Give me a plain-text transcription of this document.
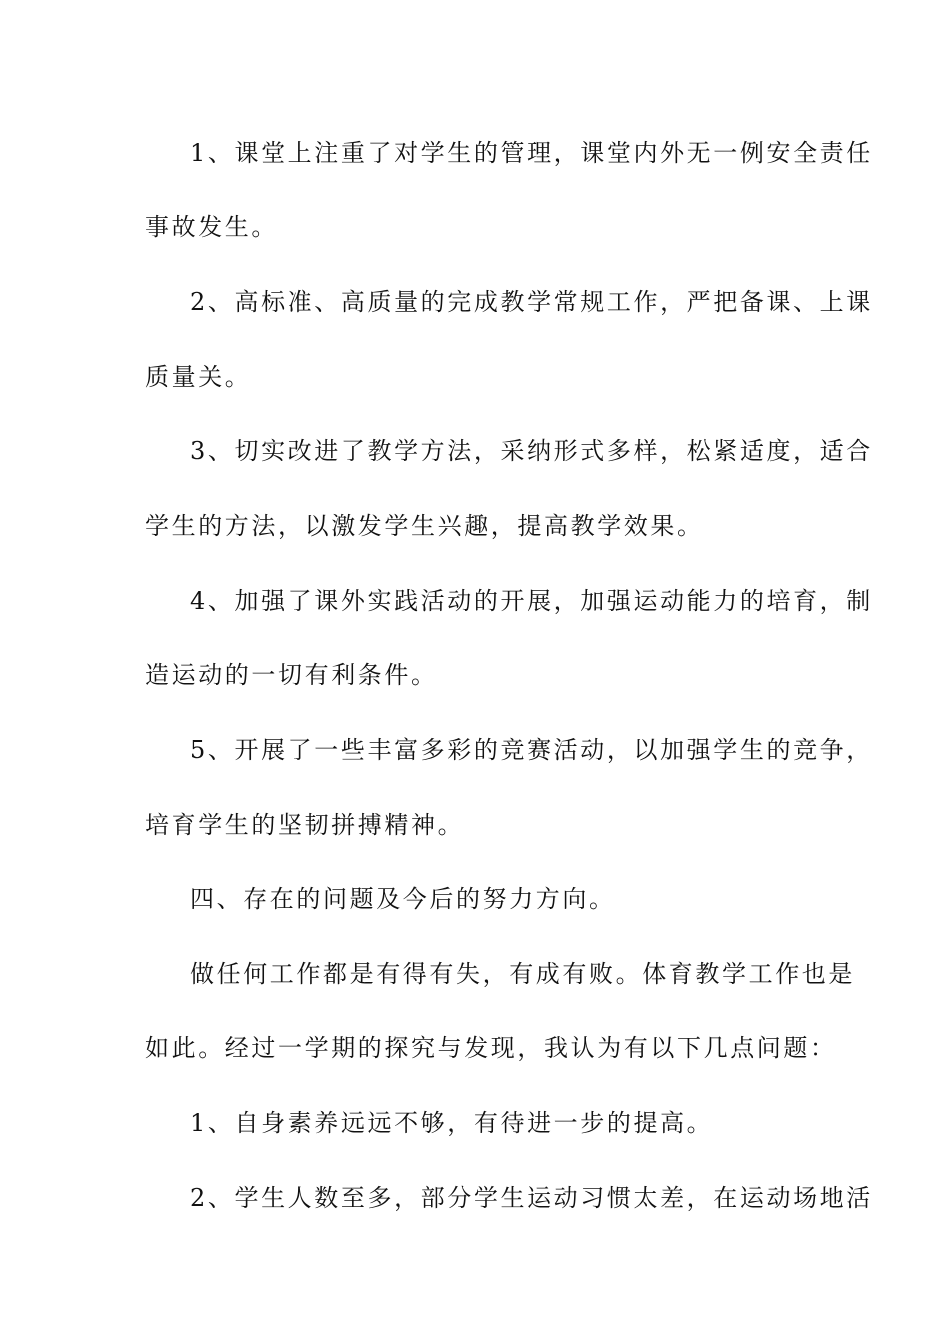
1、课堂上注重了对学生的管理，课堂内外无一例安全责任
事故发生。
2、高标准、高质量的完成教学常规工作，严把备课、上课
质量关。
3、切实改进了教学方法，采纳形式多样，松紧适度，适合
学生的方法，以激发学生兴趣，提高教学效果。
4、加强了课外实践活动的开展，加强运动能力的培育，制
造运动的一切有利条件。
5、开展了一些丰富多彩的竞赛活动，以加强学生的竞争，
培育学生的坚韧拼搏精神。
四、存在的问题及今后的努力方向。
做任何工作都是有得有失，有成有败。体育教学工作也是
如此。经过一学期的探究与发现，我认为有以下几点问题：
1、自身素养远远不够，有待进一步的提高。
2、学生人数至多，部分学生运动习惯太差，在运动场地活
